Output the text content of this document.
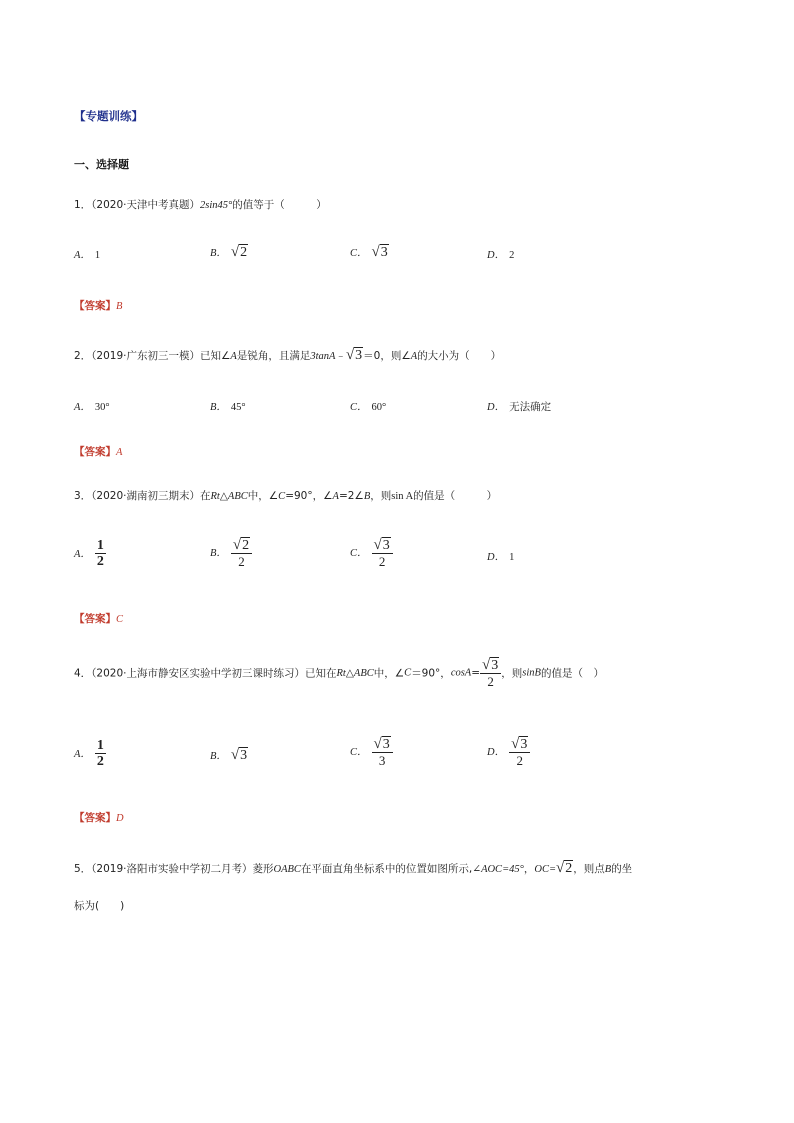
【专题训练】
一、选择题
1．（2020·天津中考真题）2sin45°的值等于（　　　）
A． 1	B． √2	C． √3	D． 2
【答案】B
2．（2019·广东初三一模）已知∠A是锐角，且满足3tanA﹣√3＝0，则∠A的大小为（　　）
A． 30°	B． 45°	C． 60°	D． 无法确定
【答案】A
3．（2020·湖南初三期末）在Rt△ABC中，∠C=90°，∠A=2∠B，则sin A的值是（　　　）
A． $\frac{1}{2}$	B． $\frac{√2}{2}$	C． $\frac{√3}{2}$	D． 1
【答案】C
4．（2020·上海市静安区实验中学初三课时练习）已知在Rt△ABC中，∠C＝90°，$\cos A= \frac{√3}{2}$ ，则sinB的值是（　）
A． $\frac{1}{2}$	B． √3	C． $\frac{√3}{3}$	D． $\frac{√3}{2}$
【答案】D
5．（2019·洛阳市实验中学初二月考）菱形OABC在平面直角坐标系中的位置如图所示,∠AOC=45°，OC=√2，则点B的坐
标为(　　)
